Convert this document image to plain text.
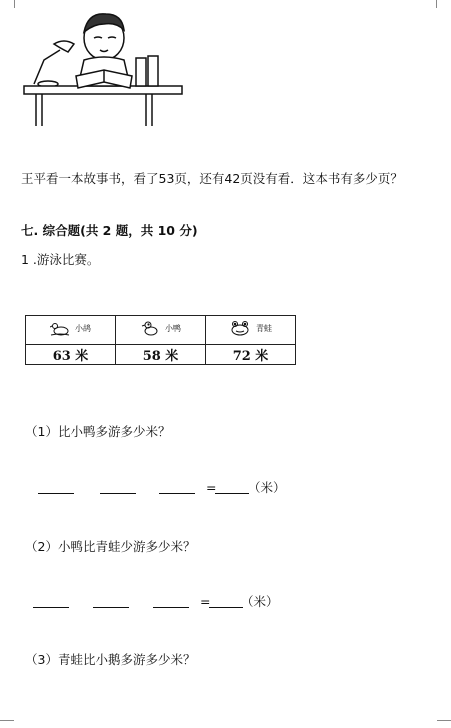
王平看一本故事书，看了53页，还有42页没有看．这本书有多少页？
七. 综合题(共 2 题，共 10 分)
1 .游泳比赛。
小鸪	小鸭	青蛙

63 米	58 米	72 米
（1）比小鸭多游多少米？
=	（米）
（2）小鸭比青蛙少游多少米？
= （米）
（3）青蛙比小鹅多游多少米？
